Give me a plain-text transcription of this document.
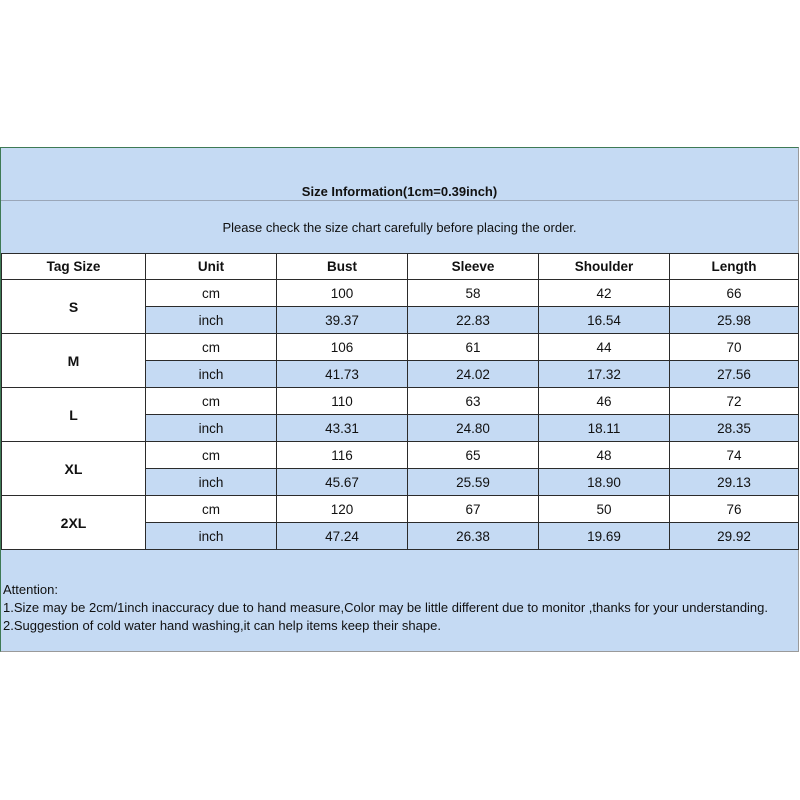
Size Information(1cm=0.39inch)
Please check the size chart carefully before placing the order.
Tag Size	Unit	Bust	Sleeve	Shoulder	Length
S	cm	100	58	42	66
	inch	39.37	22.83	16.54	25.98
M	cm	106	61	44	70
	inch	41.73	24.02	17.32	27.56
L	cm	110	63	46	72
	inch	43.31	24.80	18.11	28.35
XL	cm	116	65	48	74
	inch	45.67	25.59	18.90	29.13
2XL	cm	120	67	50	76
	inch	47.24	26.38	19.69	29.92
Attention:
1.Size may be 2cm/1inch inaccuracy due to hand measure,Color may be little different due to monitor ,thanks for your understanding.
2.Suggestion of cold water hand washing,it can help items keep their shape.
